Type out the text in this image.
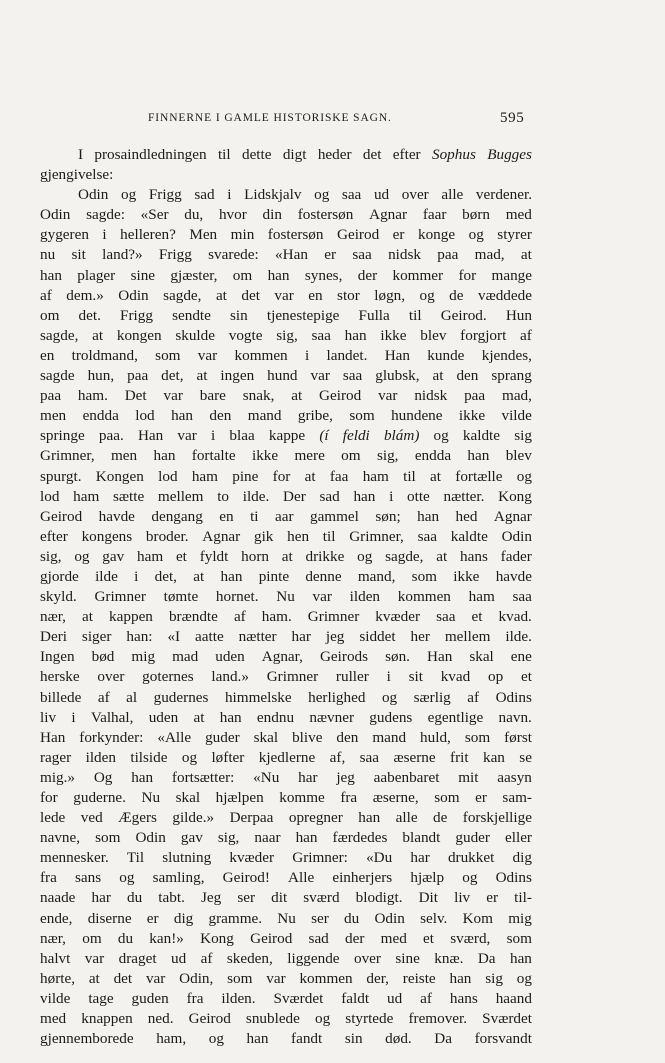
FINNERNE I GAMLE HISTORISKE SAGN.	595
I prosaindledningen til dette digt heder det efter Sophus Bugges
gjengivelse:
Odin og Frigg sad i Lidskjalv og saa ud over alle verdener.
Odin sagde: «Ser du, hvor din fostersøn Agnar faar børn med
gygeren i helleren? Men min fostersøn Geirod er konge og styrer
nu sit land?» Frigg svarede: «Han er saa nidsk paa mad, at
han plager sine gjæster, om han synes, der kommer for mange
af dem.» Odin sagde, at det var en stor løgn, og de væddede
om det. Frigg sendte sin tjenestepige Fulla til Geirod. Hun
sagde, at kongen skulde vogte sig, saa han ikke blev forgjort af
en troldmand, som var kommen i landet. Han kunde kjendes,
sagde hun, paa det, at ingen hund var saa glubsk, at den sprang
paa ham. Det var bare snak, at Geirod var nidsk paa mad,
men endda lod han den mand gribe, som hundene ikke vilde
springe paa. Han var i blaa kappe (í feldi blám) og kaldte sig
Grimner, men han fortalte ikke mere om sig, endda han blev
spurgt. Kongen lod ham pine for at faa ham til at fortælle og
lod ham sætte mellem to ilde. Der sad han i otte nætter. Kong
Geirod havde dengang en ti aar gammel søn; han hed Agnar
efter kongens broder. Agnar gik hen til Grimner, saa kaldte Odin
sig, og gav ham et fyldt horn at drikke og sagde, at hans fader
gjorde ilde i det, at han pinte denne mand, som ikke havde
skyld. Grimner tømte hornet. Nu var ilden kommen ham saa
nær, at kappen brændte af ham. Grimner kvæder saa et kvad.
Deri siger han: «I aatte nætter har jeg siddet her mellem ilde.
Ingen bød mig mad uden Agnar, Geirods søn. Han skal ene
herske over goternes land.» Grimner ruller i sit kvad op et
billede af al gudernes himmelske herlighed og særlig af Odins
liv i Valhal, uden at han endnu nævner gudens egentlige navn.
Han forkynder: «Alle guder skal blive den mand huld, som først
rager ilden tilside og løfter kjedlerne af, saa æserne frit kan se
mig.» Og han fortsætter: «Nu har jeg aabenbaret mit aasyn
for guderne. Nu skal hjælpen komme fra æserne, som er sam-
lede ved Ægers gilde.» Derpaa opregner han alle de forskjellige
navne, som Odin gav sig, naar han færdedes blandt guder eller
mennesker. Til slutning kvæder Grimner: «Du har drukket dig
fra sans og samling, Geirod! Alle einherjers hjælp og Odins
naade har du tabt. Jeg ser dit sværd blodigt. Dit liv er til-
ende, diserne er dig gramme. Nu ser du Odin selv. Kom mig
nær, om du kan!» Kong Geirod sad der med et sværd, som
halvt var draget ud af skeden, liggende over sine knæ. Da han
hørte, at det var Odin, som var kommen der, reiste han sig og
vilde tage guden fra ilden. Sværdet faldt ud af hans haand
med knappen ned. Geirod snublede og styrtede fremover. Sværdet
gjennemborede ham, og han fandt sin død. Da forsvandt
